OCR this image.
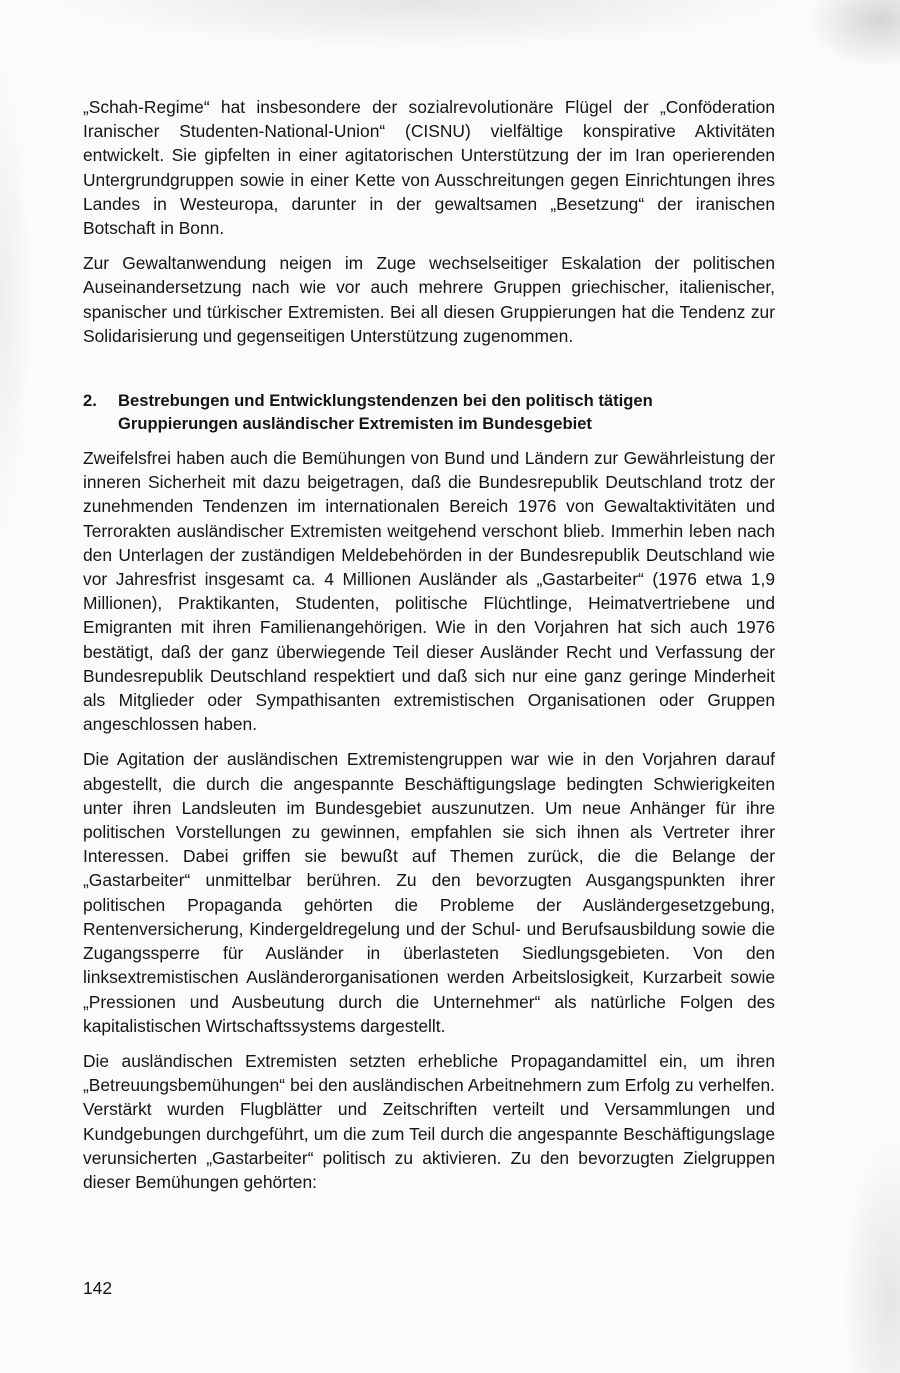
„Schah-Regime“ hat insbesondere der sozialrevolutionäre Flügel der „Conföderation Iranischer Studenten-National-Union“ (CISNU) vielfältige konspirative Aktivitäten entwickelt. Sie gipfelten in einer agitatorischen Unterstützung der im Iran operierenden Untergrundgruppen sowie in einer Kette von Ausschreitungen gegen Einrichtungen ihres Landes in Westeuropa, darunter in der gewaltsamen „Besetzung“ der iranischen Botschaft in Bonn.

Zur Gewaltanwendung neigen im Zuge wechselseitiger Eskalation der politischen Auseinandersetzung nach wie vor auch mehrere Gruppen griechischer, italienischer, spanischer und türkischer Extremisten. Bei all diesen Gruppierungen hat die Tendenz zur Solidarisierung und gegenseitigen Unterstützung zugenommen.

2.	Bestrebungen und Entwicklungstendenzen bei den politisch tätigen Gruppierungen ausländischer Extremisten im Bundesgebiet

Zweifelsfrei haben auch die Bemühungen von Bund und Ländern zur Gewährleistung der inneren Sicherheit mit dazu beigetragen, daß die Bundesrepublik Deutschland trotz der zunehmenden Tendenzen im internationalen Bereich 1976 von Gewaltaktivitäten und Terrorakten ausländischer Extremisten weitgehend verschont blieb. Immerhin leben nach den Unterlagen der zuständigen Meldebehörden in der Bundesrepublik Deutschland wie vor Jahresfrist insgesamt ca. 4 Millionen Ausländer als „Gastarbeiter“ (1976 etwa 1,9 Millionen), Praktikanten, Studenten, politische Flüchtlinge, Heimatvertriebene und Emigranten mit ihren Familienangehörigen. Wie in den Vorjahren hat sich auch 1976 bestätigt, daß der ganz überwiegende Teil dieser Ausländer Recht und Verfassung der Bundesrepublik Deutschland respektiert und daß sich nur eine ganz geringe Minderheit als Mitglieder oder Sympathisanten extremistischen Organisationen oder Gruppen angeschlossen haben.

Die Agitation der ausländischen Extremistengruppen war wie in den Vorjahren darauf abgestellt, die durch die angespannte Beschäftigungslage bedingten Schwierigkeiten unter ihren Landsleuten im Bundesgebiet auszunutzen. Um neue Anhänger für ihre politischen Vorstellungen zu gewinnen, empfahlen sie sich ihnen als Vertreter ihrer Interessen. Dabei griffen sie bewußt auf Themen zurück, die die Belange der „Gastarbeiter“ unmittelbar berühren. Zu den bevorzugten Ausgangspunkten ihrer politischen Propaganda gehörten die Probleme der Ausländergesetzgebung, Rentenversicherung, Kindergeldregelung und der Schul- und Berufsausbildung sowie die Zugangssperre für Ausländer in überlasteten Siedlungsgebieten. Von den linksextremistischen Ausländerorganisationen werden Arbeitslosigkeit, Kurzarbeit sowie „Pressionen und Ausbeutung durch die Unternehmer“ als natürliche Folgen des kapitalistischen Wirtschaftssystems dargestellt.

Die ausländischen Extremisten setzten erhebliche Propagandamittel ein, um ihren „Betreuungsbemühungen“ bei den ausländischen Arbeitnehmern zum Erfolg zu verhelfen. Verstärkt wurden Flugblätter und Zeitschriften verteilt und Versammlungen und Kundgebungen durchgeführt, um die zum Teil durch die angespannte Beschäftigungslage verunsicherten „Gastarbeiter“ politisch zu aktivieren. Zu den bevorzugten Zielgruppen dieser Bemühungen gehörten:

142
